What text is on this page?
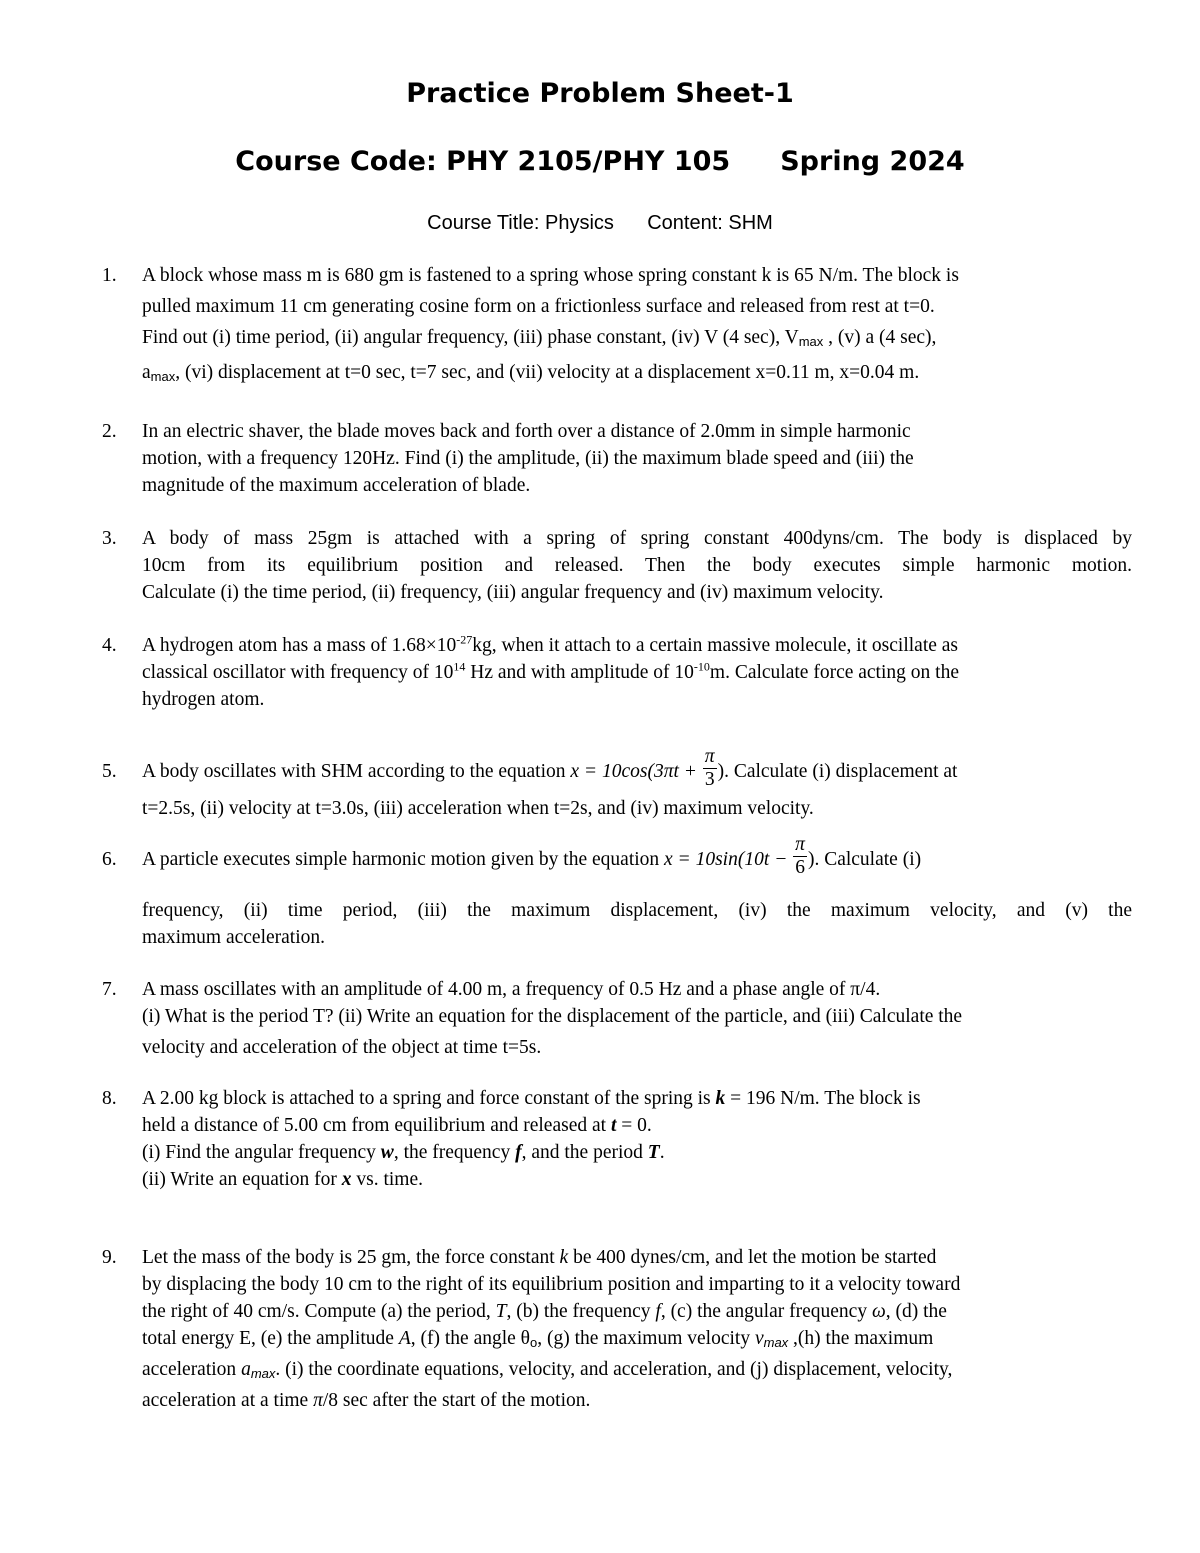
Practice Problem Sheet-1
Course Code: PHY 2105/PHY 105 Spring 2024
Course Title: Physics Content: SHM
1. A block whose mass m is 680 gm is fastened to a spring whose spring constant k is 65 N/m. The block is
pulled maximum 11 cm generating cosine form on a frictionless surface and released from rest at t=0.
Find out (i) time period, (ii) angular frequency, (iii) phase constant, (iv) V (4 sec), $V_{max}$ , (v) a (4 sec),
$a_{max}$, (vi) displacement at t=0 sec, t=7 sec, and (vii) velocity at a displacement x=0.11 m, x=0.04 m.
2. In an electric shaver, the blade moves back and forth over a distance of 2.0mm in simple harmonic
motion, with a frequency 120Hz. Find (i) the amplitude, (ii) the maximum blade speed and (iii) the
magnitude of the maximum acceleration of blade.
3. A body of mass 25gm is attached with a spring of spring constant 400dyns/cm. The body is displaced by
10cm from its equilibrium position and released. Then the body executes simple harmonic motion.
Calculate (i) the time period, (ii) frequency, (iii) angular frequency and (iv) maximum velocity.
4. A hydrogen atom has a mass of $1.68\times 10^{-27}kg$, when it attach to a certain massive molecule, it oscillate as
classical oscillator with frequency of $10^{14}$ Hz and with amplitude of $10^{-10}m$. Calculate force acting on the
hydrogen atom.
5. A body oscillates with SHM according to the equation $x = 10\cos(3\pi t + \frac{\pi}{3}$ ). Calculate (i) displacement at
t=2.5s, (ii) velocity at t=3.0s, (iii) acceleration when t=2s, and (iv) maximum velocity.
6. A particle executes simple harmonic motion given by the equation $x = 10\sin(10t - \frac{\pi}{6}$ ). Calculate (i)
frequency, (ii) time period, (iii) the maximum displacement, (iv) the maximum velocity, and (v) the
maximum acceleration.
7. A mass oscillates with an amplitude of 4.00 m, a frequency of 0.5 Hz and a phase angle of π/4.
(i) What is the period T? (ii) Write an equation for the displacement of the particle, and (iii) Calculate the
velocity and acceleration of the object at time t=5s.
8. A 2.00 kg block is attached to a spring and force constant of the spring is k = 196 N/m. The block is
held a distance of 5.00 cm from equilibrium and released at t = 0.
(i) Find the angular frequency w, the frequency f, and the period T.
(ii) Write an equation for x vs. time.
9. Let the mass of the body is 25 gm, the force constant k be 400 dynes/cm, and let the motion be started
by displacing the body 10 cm to the right of its equilibrium position and imparting to it a velocity toward
the right of 40 cm/s. Compute (a) the period, T, (b) the frequency f, (c) the angular frequency ω, (d) the
total energy E, (e) the amplitude A, (f) the angle $\theta_o$, (g) the maximum velocity $v_{max}$ ,(h) the maximum
acceleration $a_{max}$. (i) the coordinate equations, velocity, and acceleration, and (j) displacement, velocity,
acceleration at a time π/8 sec after the start of the motion.
